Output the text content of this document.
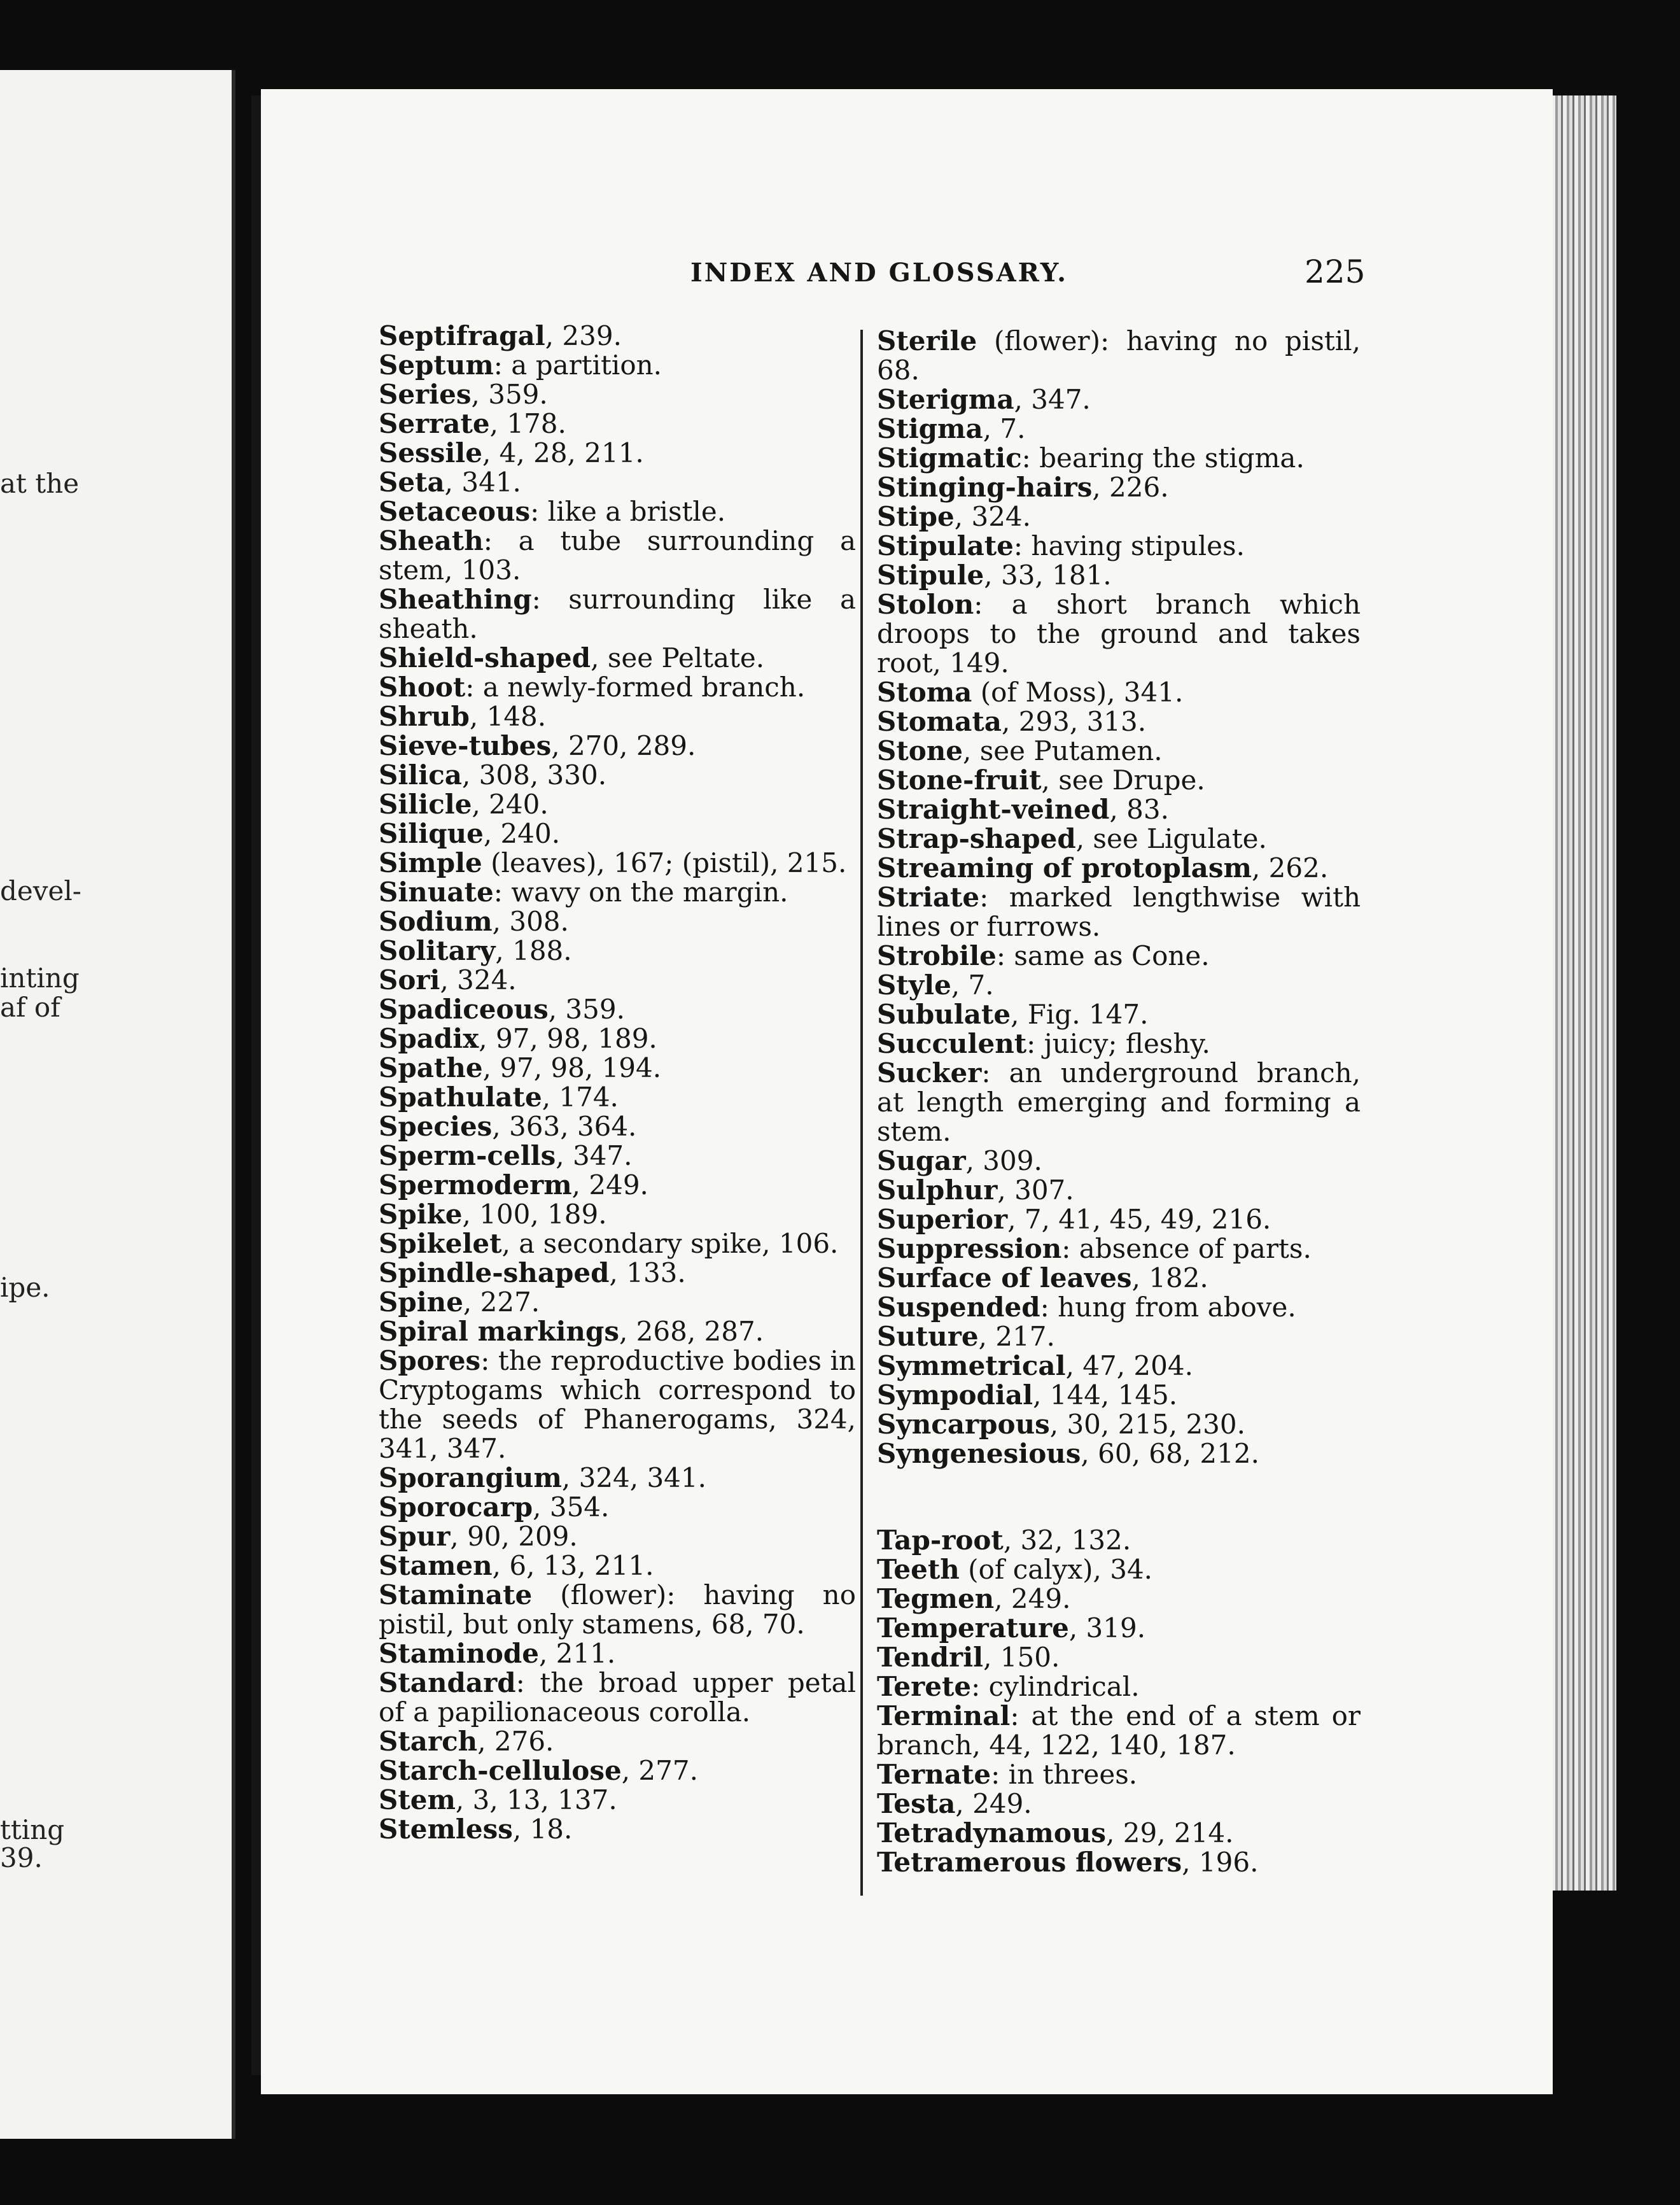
at the
devel-
inting
af of
ipe.
tting
39.
INDEX AND GLOSSARY.	225
Septifragal, 239.
Septum: a partition.
Series, 359.
Serrate, 178.
Sessile, 4, 28, 211.
Seta, 341.
Setaceous: like a bristle.
Sheath: a tube surrounding a stem, 103.
Sheathing: surrounding like a sheath.
Shield-shaped, see Peltate.
Shoot: a newly-formed branch.
Shrub, 148.
Sieve-tubes, 270, 289.
Silica, 308, 330.
Silicle, 240.
Silique, 240.
Simple (leaves), 167; (pistil), 215.
Sinuate: wavy on the margin.
Sodium, 308.
Solitary, 188.
Sori, 324.
Spadiceous, 359.
Spadix, 97, 98, 189.
Spathe, 97, 98, 194.
Spathulate, 174.
Species, 363, 364.
Sperm-cells, 347.
Spermoderm, 249.
Spike, 100, 189.
Spikelet, a secondary spike, 106.
Spindle-shaped, 133.
Spine, 227.
Spiral markings, 268, 287.
Spores: the reproductive bodies in Cryptogams which correspond to the seeds of Phanerogams, 324, 341, 347.
Sporangium, 324, 341.
Sporocarp, 354.
Spur, 90, 209.
Stamen, 6, 13, 211.
Staminate (flower): having no pistil, but only stamens, 68, 70.
Staminode, 211.
Standard: the broad upper petal of a papilionaceous corolla.
Starch, 276.
Starch-cellulose, 277.
Stem, 3, 13, 137.
Stemless, 18.
Sterile (flower): having no pistil, 68.
Sterigma, 347.
Stigma, 7.
Stigmatic: bearing the stigma.
Stinging-hairs, 226.
Stipe, 324.
Stipulate: having stipules.
Stipule, 33, 181.
Stolon: a short branch which droops to the ground and takes root, 149.
Stoma (of Moss), 341.
Stomata, 293, 313.
Stone, see Putamen.
Stone-fruit, see Drupe.
Straight-veined, 83.
Strap-shaped, see Ligulate.
Streaming of protoplasm, 262.
Striate: marked lengthwise with lines or furrows.
Strobile: same as Cone.
Style, 7.
Subulate, Fig. 147.
Succulent: juicy; fleshy.
Sucker: an underground branch, at length emerging and forming a stem.
Sugar, 309.
Sulphur, 307.
Superior, 7, 41, 45, 49, 216.
Suppression: absence of parts.
Surface of leaves, 182.
Suspended: hung from above.
Suture, 217.
Symmetrical, 47, 204.
Sympodial, 144, 145.
Syncarpous, 30, 215, 230.
Syngenesious, 60, 68, 212.
Tap-root, 32, 132.
Teeth (of calyx), 34.
Tegmen, 249.
Temperature, 319.
Tendril, 150.
Terete: cylindrical.
Terminal: at the end of a stem or branch, 44, 122, 140, 187.
Ternate: in threes.
Testa, 249.
Tetradynamous, 29, 214.
Tetramerous flowers, 196.
